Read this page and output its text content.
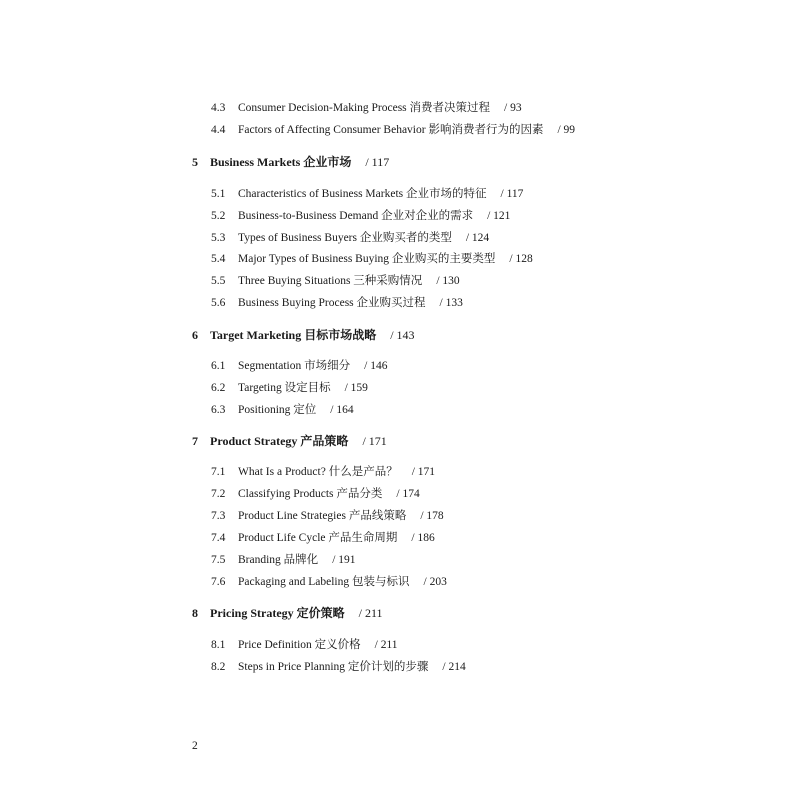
4.3 Consumer Decision-Making Process 消费者决策过程 / 93
4.4 Factors of Affecting Consumer Behavior 影响消费者行为的因素 / 99
5 Business Markets 企业市场 / 117
5.1 Characteristics of Business Markets 企业市场的特征 / 117
5.2 Business-to-Business Demand 企业对企业的需求 / 121
5.3 Types of Business Buyers 企业购买者的类型 / 124
5.4 Major Types of Business Buying 企业购买的主要类型 / 128
5.5 Three Buying Situations 三种采购情况 / 130
5.6 Business Buying Process 企业购买过程 / 133
6 Target Marketing 目标市场战略 / 143
6.1 Segmentation 市场细分 / 146
6.2 Targeting 设定目标 / 159
6.3 Positioning 定位 / 164
7 Product Strategy 产品策略 / 171
7.1 What Is a Product? 什么是产品？ / 171
7.2 Classifying Products 产品分类 / 174
7.3 Product Line Strategies 产品线策略 / 178
7.4 Product Life Cycle 产品生命周期 / 186
7.5 Branding 品牌化 / 191
7.6 Packaging and Labeling 包装与标识 / 203
8 Pricing Strategy 定价策略 / 211
8.1 Price Definition 定义价格 / 211
8.2 Steps in Price Planning 定价计划的步骤 / 214
2
